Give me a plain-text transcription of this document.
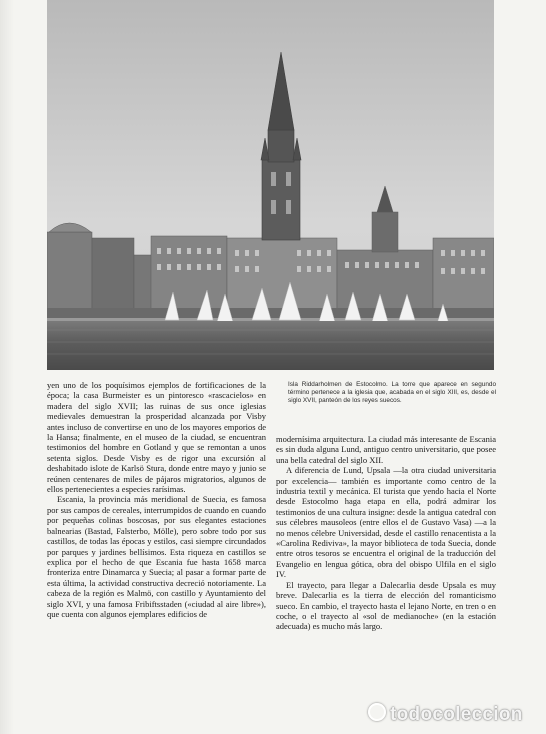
Isla Riddarholmen de Estocolmo. La torre que aparece en segundo término pertenece a la iglesia que, acabada en el siglo XIII, es, desde el siglo XVII, panteón de los reyes suecos.

yen uno de los poquísimos ejemplos de fortificaciones de la época; la casa Burmeister es un pintoresco «rascacielos» en madera del siglo XVII; las ruinas de sus once iglesias medievales demuestran la prosperidad alcanzada por Visby antes incluso de convertirse en uno de los mayores emporios de la Hansa; finalmente, en el museo de la ciudad, se encuentran testimonios del hombre en Gotland y que se remontan a unos setenta siglos. Desde Visby es de rigor una excursión al deshabitado islote de Karlsö Stura, donde entre mayo y junio se reúnen centenares de miles de pájaros migratorios, algunos de ellos pertenecientes a especies rarísimas.

Escania, la provincia más meridional de Suecia, es famosa por sus campos de cereales, interrumpidos de cuando en cuando por pequeñas colinas boscosas, por sus elegantes estaciones balnearias (Bastad, Falsterbo, Mölle), pero sobre todo por sus castillos, de todas las épocas y estilos, casi siempre circundados por parques y jardines bellísimos. Esta riqueza en castillos se explica por el hecho de que Escania fue hasta 1658 marca fronteriza entre Dinamarca y Suecia; al pasar a formar parte de esta última, la actividad constructiva decreció notoriamente. La cabeza de la región es Malmö, con castillo y Ayuntamiento del siglo XVI, y una famosa Fribiftsstaden («ciudad al aire libre»), que cuenta con algunos ejemplares edificios de

modernísima arquitectura. La ciudad más interesante de Escania es sin duda alguna Lund, antiguo centro universitario, que posee una bella catedral del siglo XII.

A diferencia de Lund, Upsala —la otra ciudad universitaria por excelencia— también es importante como centro de la industria textil y mecánica. El turista que yendo hacia el Norte desde Estocolmo haga etapa en ella, podrá admirar los testimonios de una cultura insigne: desde la antigua catedral con sus célebres mausoleos (entre ellos el de Gustavo Vasa) —a la no menos célebre Universidad, desde el castillo renacentista a la «Carolina Rediviva», la mayor biblioteca de toda Suecia, donde entre otros tesoros se encuentra el original de la traducción del Evangelio en lengua gótica, obra del obispo Ulfila en el siglo IV.

El trayecto, para llegar a Dalecarlia desde Upsala es muy breve. Dalecarlia es la tierra de elección del romanticismo sueco. En cambio, el trayecto hasta el lejano Norte, en tren o en coche, o el trayecto al «sol de medianoche» (en la estación adecuada) es mucho más largo.

todocoleccion
